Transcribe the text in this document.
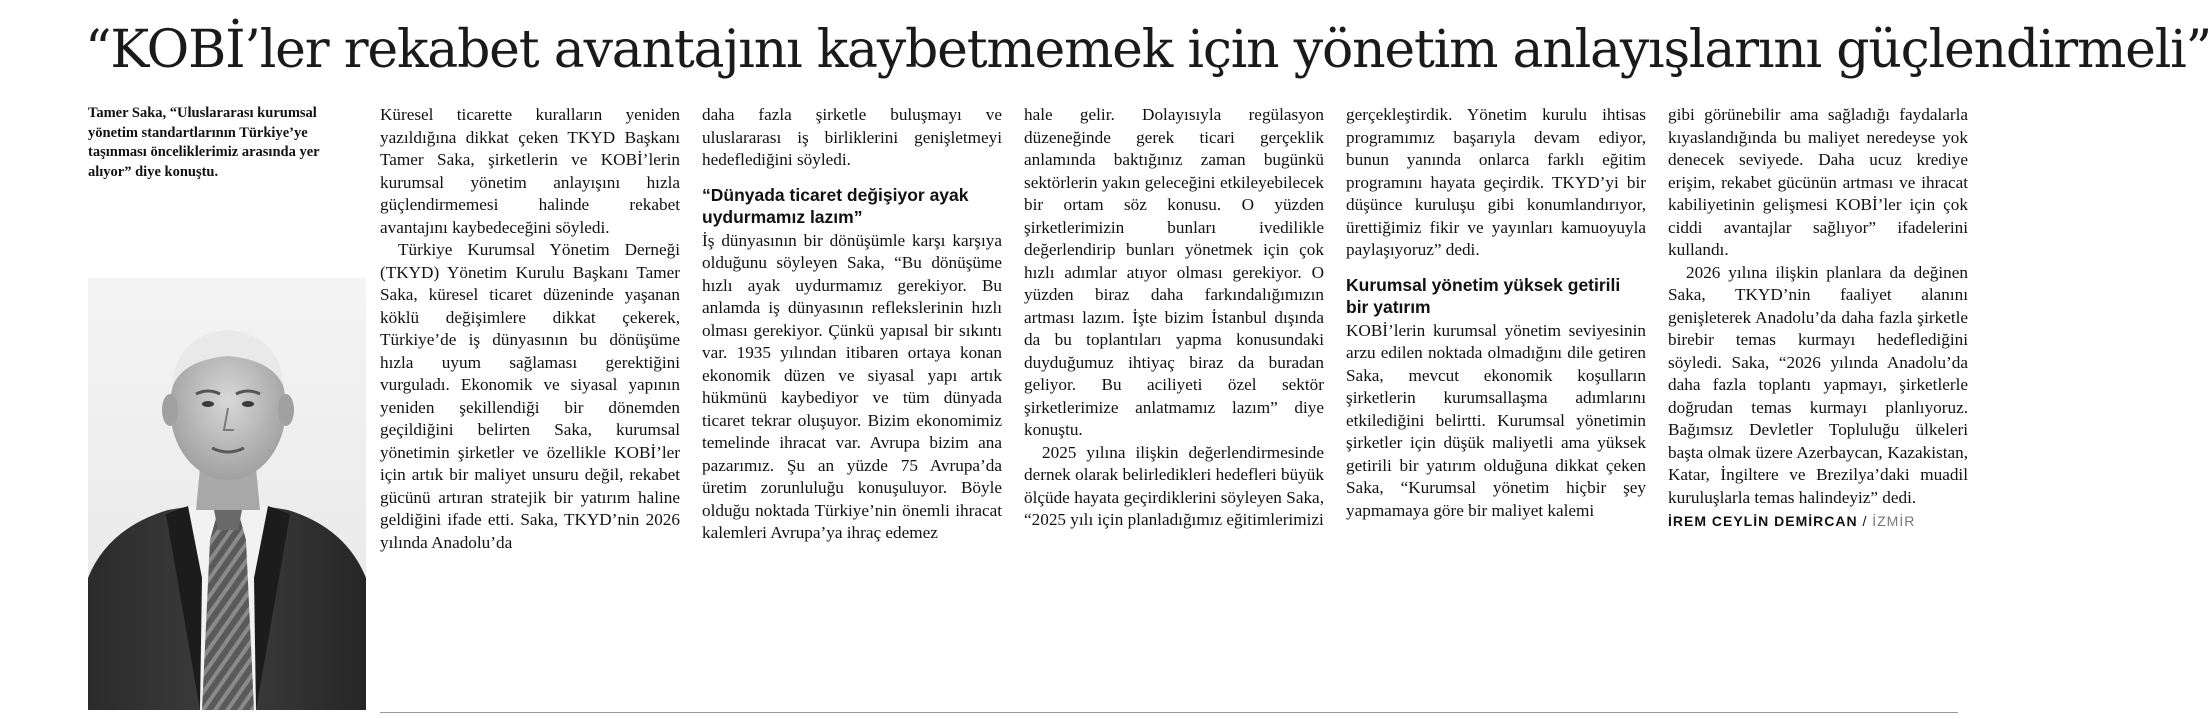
“KOBİ’ler rekabet avantajını kaybetmemek için yönetim anlayışlarını güçlendirmeli”
Tamer Saka, “Uluslararası kurumsal yönetim standartlarının Türkiye’ye taşınması önceliklerimiz arasında yer alıyor” diye konuştu.

Küresel ticarette kuralların yeniden yazıldığına dikkat çeken TKYD Başkanı Tamer Saka, şirketlerin ve KOBİ’lerin kurumsal yönetim anlayışını hızla güçlendirmemesi halinde rekabet avantajını kaybedeceğini söyledi.

Türkiye Kurumsal Yönetim Derneği (TKYD) Yönetim Kurulu Başkanı Tamer Saka, küresel ticaret düzeninde yaşanan köklü değişimlere dikkat çekerek, Türkiye’de iş dünyasının bu dönüşüme hızla uyum sağlaması gerektiğini vurguladı. Ekonomik ve siyasal yapının yeniden şekillendiği bir dönemden geçildiğini belirten Saka, kurumsal yönetimin şirketler ve özellikle KOBİ’ler için artık bir maliyet unsuru değil, rekabet gücünü artıran stratejik bir yatırım haline geldiğini ifade etti. Saka, TKYD’nin 2026 yılında Anadolu’da

daha fazla şirketle buluşmayı ve uluslararası iş birliklerini genişletmeyi hedeflediğini söyledi.

“Dünyada ticaret değişiyor ayak uydurmamız lazım”

İş dünyasının bir dönüşümle karşı karşıya olduğunu söyleyen Saka, “Bu dönüşüme hızlı ayak uydurmamız gerekiyor. Bu anlamda iş dünyasının reflekslerinin hızlı olması gerekiyor. Çünkü yapısal bir sıkıntı var. 1935 yılından itibaren ortaya konan ekonomik düzen ve siyasal yapı artık hükmünü kaybediyor ve tüm dünyada ticaret tekrar oluşuyor. Bizim ekonomimiz temelinde ihracat var. Avrupa bizim ana pazarımız. Şu an yüzde 75 Avrupa’da üretim zorunluluğu konuşuluyor. Böyle olduğu noktada Türkiye’nin önemli ihracat kalemleri Avrupa’ya ihraç edemez

hale gelir. Dolayısıyla regülasyon düzeneğinde gerek ticari gerçeklik anlamında baktığınız zaman bugünkü sektörlerin yakın geleceğini etkileyebilecek bir ortam söz konusu. O yüzden şirketlerimizin bunları ivedilikle değerlendirip bunları yönetmek için çok hızlı adımlar atıyor olması gerekiyor. O yüzden biraz daha farkındalığımızın artması lazım. İşte bizim İstanbul dışında da bu toplantıları yapma konusundaki duyduğumuz ihtiyaç biraz da buradan geliyor. Bu aciliyeti özel sektör şirketlerimize anlatmamız lazım” diye konuştu.

2025 yılına ilişkin değerlendirmesinde dernek olarak belirledikleri hedefleri büyük ölçüde hayata geçirdiklerini söyleyen Saka, “2025 yılı için planladığımız eğitimlerimizi

gerçekleştirdik. Yönetim kurulu ihtisas programımız başarıyla devam ediyor, bunun yanında onlarca farklı eğitim programını hayata geçirdik. TKYD’yi bir düşünce kuruluşu gibi konumlandırıyor, ürettiğimiz fikir ve yayınları kamuoyuyla paylaşıyoruz” dedi.

Kurumsal yönetim yüksek getirili bir yatırım

KOBİ’lerin kurumsal yönetim seviyesinin arzu edilen noktada olmadığını dile getiren Saka, mevcut ekonomik koşulların şirketlerin kurumsallaşma adımlarını etkilediğini belirtti. Kurumsal yönetimin şirketler için düşük maliyetli ama yüksek getirili bir yatırım olduğuna dikkat çeken Saka, “Kurumsal yönetim hiçbir şey yapmamaya göre bir maliyet kalemi

gibi görünebilir ama sağladığı faydalarla kıyaslandığında bu maliyet neredeyse yok denecek seviyede. Daha ucuz krediye erişim, rekabet gücünün artması ve ihracat kabiliyetinin gelişmesi KOBİ’ler için çok ciddi avantajlar sağlıyor” ifadelerini kullandı.

2026 yılına ilişkin planlara da değinen Saka, TKYD’nin faaliyet alanını genişleterek Anadolu’da daha fazla şirketle birebir temas kurmayı hedeflediğini söyledi. Saka, “2026 yılında Anadolu’da daha fazla toplantı yapmayı, şirketlerle doğrudan temas kurmayı planlıyoruz. Bağımsız Devletler Topluluğu ülkeleri başta olmak üzere Azerbaycan, Kazakistan, Katar, İngiltere ve Brezilya’daki muadil kuruluşlarla temas halindeyiz” dedi.

İREM CEYLİN DEMİRCAN / İZMİR
